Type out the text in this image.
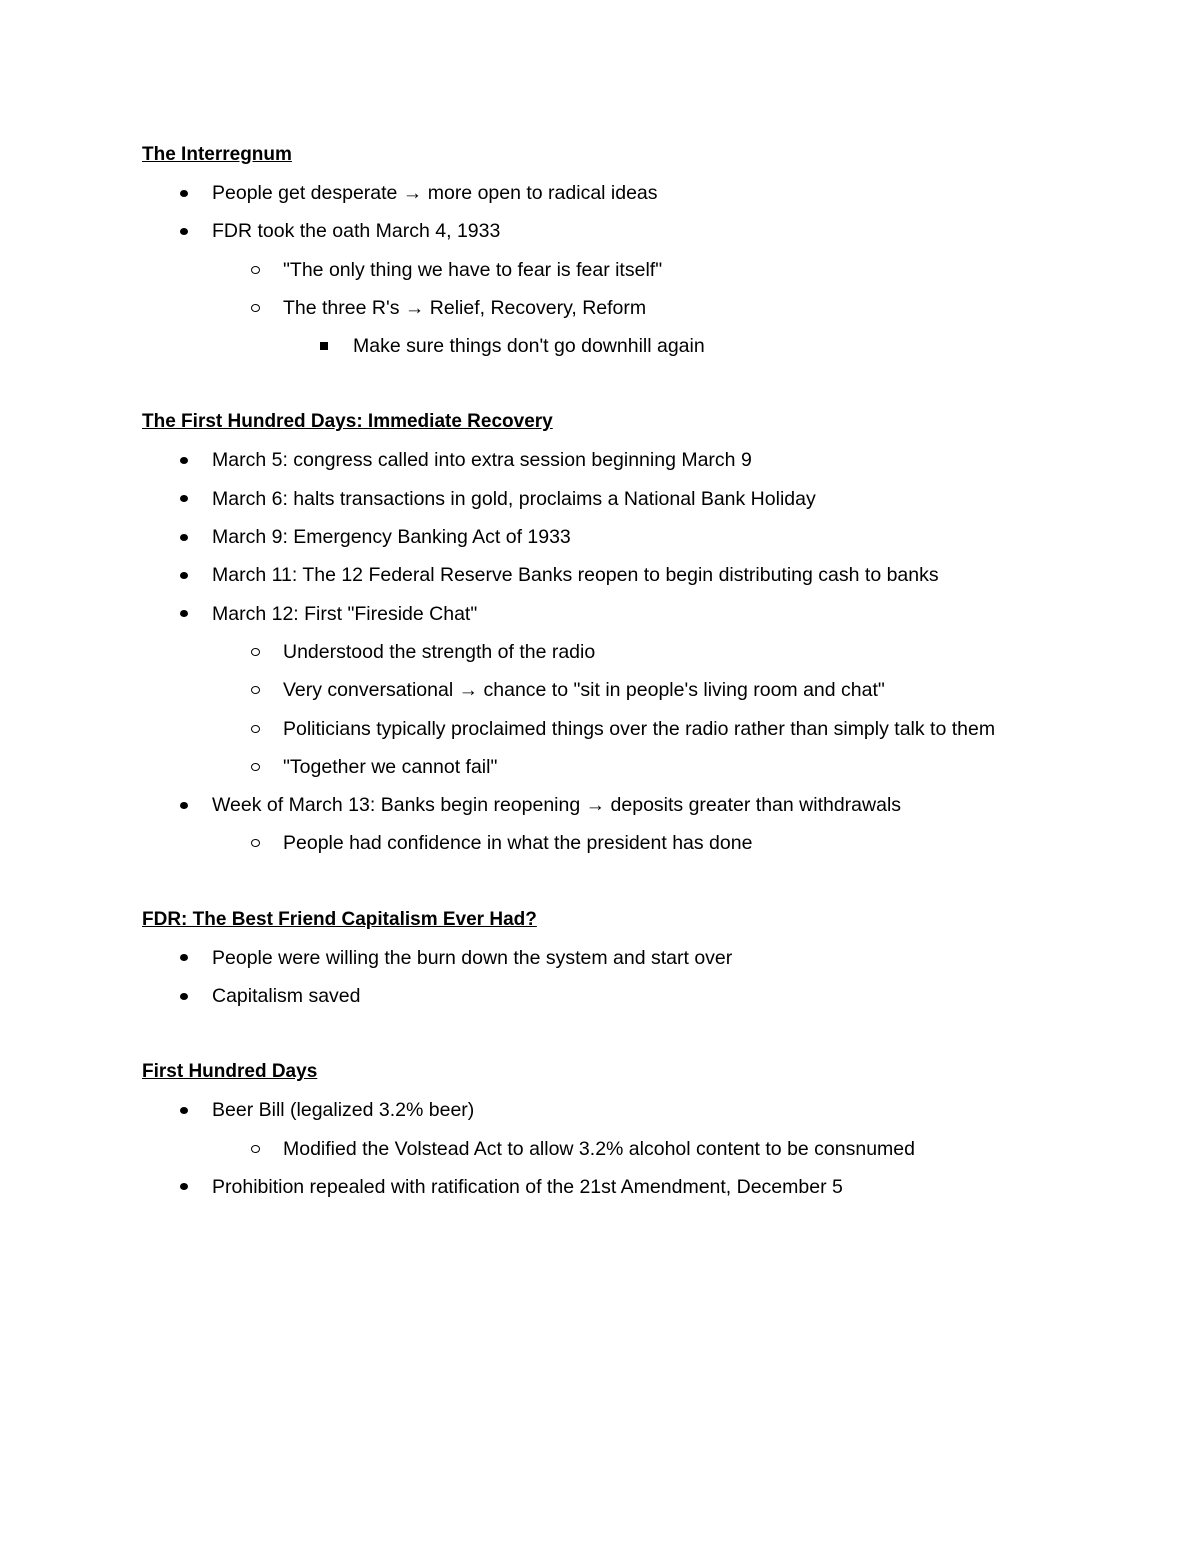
The Interregnum
People get desperate → more open to radical ideas
FDR took the oath March 4, 1933
"The only thing we have to fear is fear itself"
The three R's → Relief, Recovery, Reform
Make sure things don't go downhill again
The First Hundred Days: Immediate Recovery
March 5: congress called into extra session beginning March 9
March 6: halts transactions in gold, proclaims a National Bank Holiday
March 9: Emergency Banking Act of 1933
March 11: The 12 Federal Reserve Banks reopen to begin distributing cash to banks
March 12: First "Fireside Chat"
Understood the strength of the radio
Very conversational → chance to "sit in people's living room and chat"
Politicians typically proclaimed things over the radio rather than simply talk to them
"Together we cannot fail"
Week of March 13: Banks begin reopening → deposits greater than withdrawals
People had confidence in what the president has done
FDR: The Best Friend Capitalism Ever Had?
People were willing the burn down the system and start over
Capitalism saved
First Hundred Days
Beer Bill (legalized 3.2% beer)
Modified the Volstead Act to allow 3.2% alcohol content to be consnumed
Prohibition repealed with ratification of the 21st Amendment, December 5
